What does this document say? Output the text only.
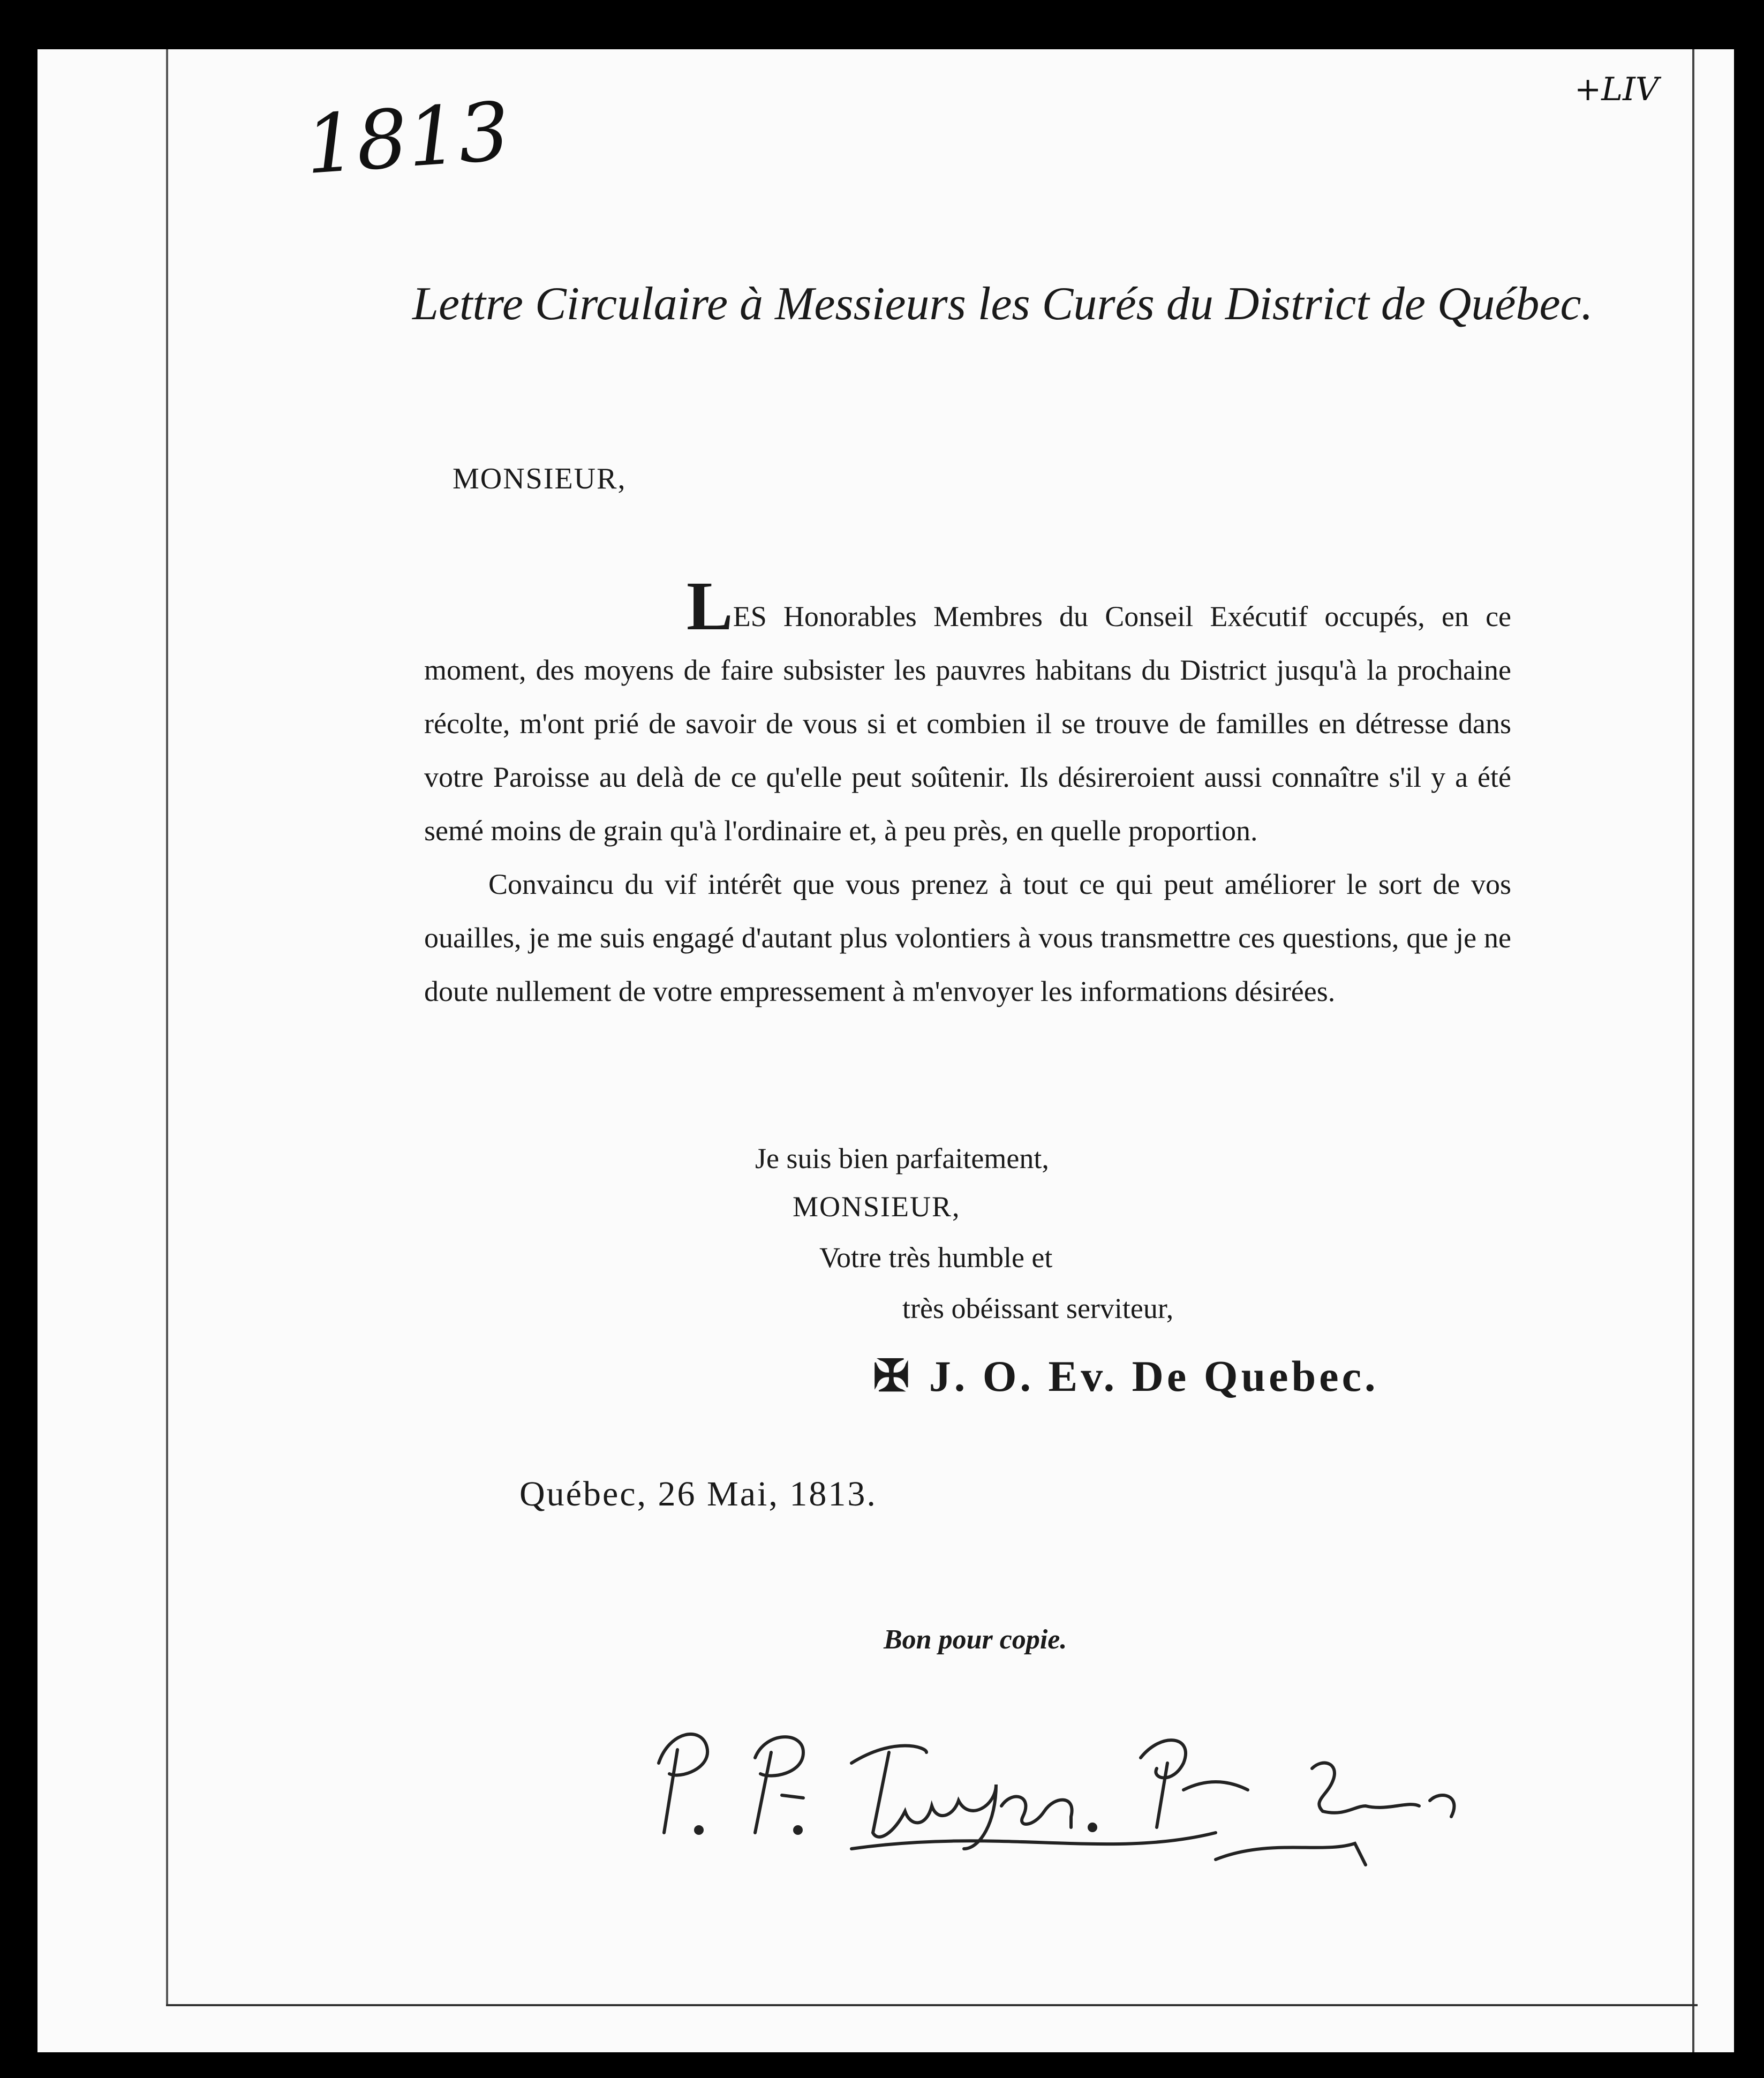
1813	+LIV
Lettre Circulaire à Messieurs les Curés du District de Québec.
MONSIEUR,

LES Honorables Membres du Conseil Exécutif occupés, en ce moment, des moyens de faire subsister les pauvres habitans du District jusqu'à la prochaine récolte, m'ont prié de savoir de vous si et combien il se trouve de familles en détresse dans votre Paroisse au delà de ce qu'elle peut soûtenir. Ils désireroient aussi connaître s'il y a été semé moins de grain qu'à l'ordinaire et, à peu près, en quelle proportion.

Convaincu du vif intérêt que vous prenez à tout ce qui peut améliorer le sort de vos ouailles, je me suis engagé d'autant plus volontiers à vous transmettre ces questions, que je ne doute nullement de votre empressement à m'envoyer les informations désirées.

Je suis bien parfaitement,
MONSIEUR,
Votre très humble et
très obéissant serviteur,
✠ J. O. Ev. De Quebec.
Québec, 26 Mai, 1813.
Bon pour copie.
